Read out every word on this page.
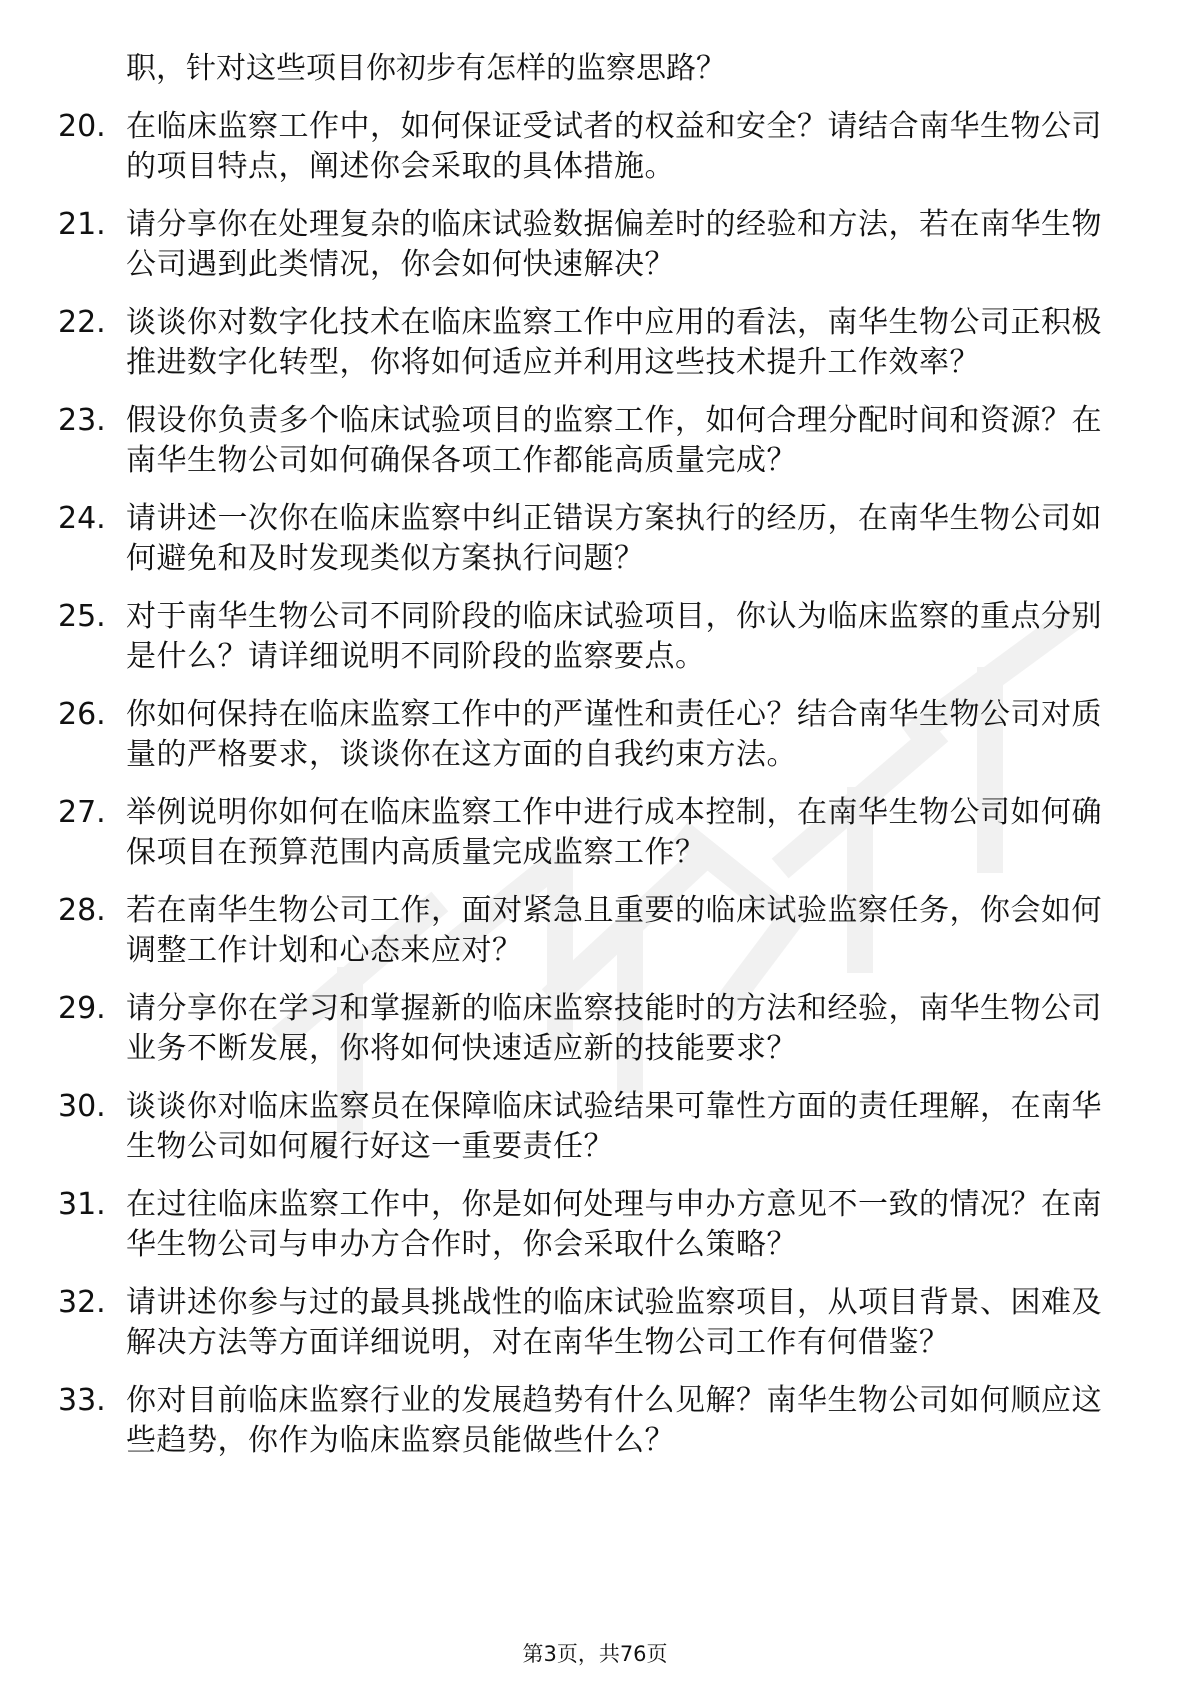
职，针对这些项目你初步有怎样的监察思路？

20. 在临床监察工作中，如何保证受试者的权益和安全？请结合南华生物公司的项目特点，阐述你会采取的具体措施。
21. 请分享你在处理复杂的临床试验数据偏差时的经验和方法，若在南华生物公司遇到此类情况，你会如何快速解决？
22. 谈谈你对数字化技术在临床监察工作中应用的看法，南华生物公司正积极推进数字化转型，你将如何适应并利用这些技术提升工作效率？
23. 假设你负责多个临床试验项目的监察工作，如何合理分配时间和资源？在南华生物公司如何确保各项工作都能高质量完成？
24. 请讲述一次你在临床监察中纠正错误方案执行的经历，在南华生物公司如何避免和及时发现类似方案执行问题？
25. 对于南华生物公司不同阶段的临床试验项目，你认为临床监察的重点分别是什么？请详细说明不同阶段的监察要点。
26. 你如何保持在临床监察工作中的严谨性和责任心？结合南华生物公司对质量的严格要求，谈谈你在这方面的自我约束方法。
27. 举例说明你如何在临床监察工作中进行成本控制，在南华生物公司如何确保项目在预算范围内高质量完成监察工作？
28. 若在南华生物公司工作，面对紧急且重要的临床试验监察任务，你会如何调整工作计划和心态来应对？
29. 请分享你在学习和掌握新的临床监察技能时的方法和经验，南华生物公司业务不断发展，你将如何快速适应新的技能要求？
30. 谈谈你对临床监察员在保障临床试验结果可靠性方面的责任理解，在南华生物公司如何履行好这一重要责任？
31. 在过往临床监察工作中，你是如何处理与申办方意见不一致的情况？在南华生物公司与申办方合作时，你会采取什么策略？
32. 请讲述你参与过的最具挑战性的临床试验监察项目，从项目背景、困难及解决方法等方面详细说明，对在南华生物公司工作有何借鉴？
33. 你对目前临床监察行业的发展趋势有什么见解？南华生物公司如何顺应这些趋势，你作为临床监察员能做些什么？
第3页，共76页
